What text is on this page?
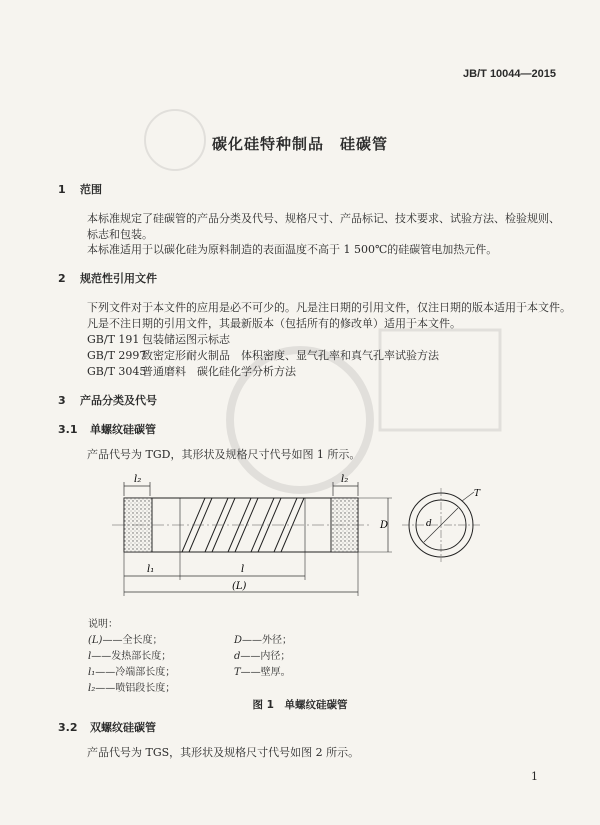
JB/T 10044—2015
碳化硅特种制品　硅碳管
1 范围
本标准规定了硅碳管的产品分类及代号、规格尺寸、产品标记、技术要求、试验方法、检验规则、
标志和包装。
本标准适用于以碳化硅为原料制造的表面温度不高于 1 500℃的硅碳管电加热元件。
2 规范性引用文件
下列文件对于本文件的应用是必不可少的。凡是注日期的引用文件，仅注日期的版本适用于本文件。
凡是不注日期的引用文件，其最新版本（包括所有的修改单）适用于本文件。
GB/T 191 包装储运图示标志
GB/T 2997致密定形耐火制品　体积密度、显气孔率和真气孔率试验方法
GB/T 3045普通磨料　碳化硅化学分析方法
3 产品分类及代号
3.1 单螺纹硅碳管
产品代号为 TGD，其形状及规格尺寸代号如图 1 所示。
l₂	l₂
D
l₁	l
(L)
d
T
说明：
(L)——全长度；	D——外径；
l——发热部长度；	d——内径；
l₁——冷端部长度；	T——壁厚。
l₂——喷铝段长度；
图 1　单螺纹硅碳管
3.2 双螺纹硅碳管
产品代号为 TGS，其形状及规格尺寸代号如图 2 所示。
1
